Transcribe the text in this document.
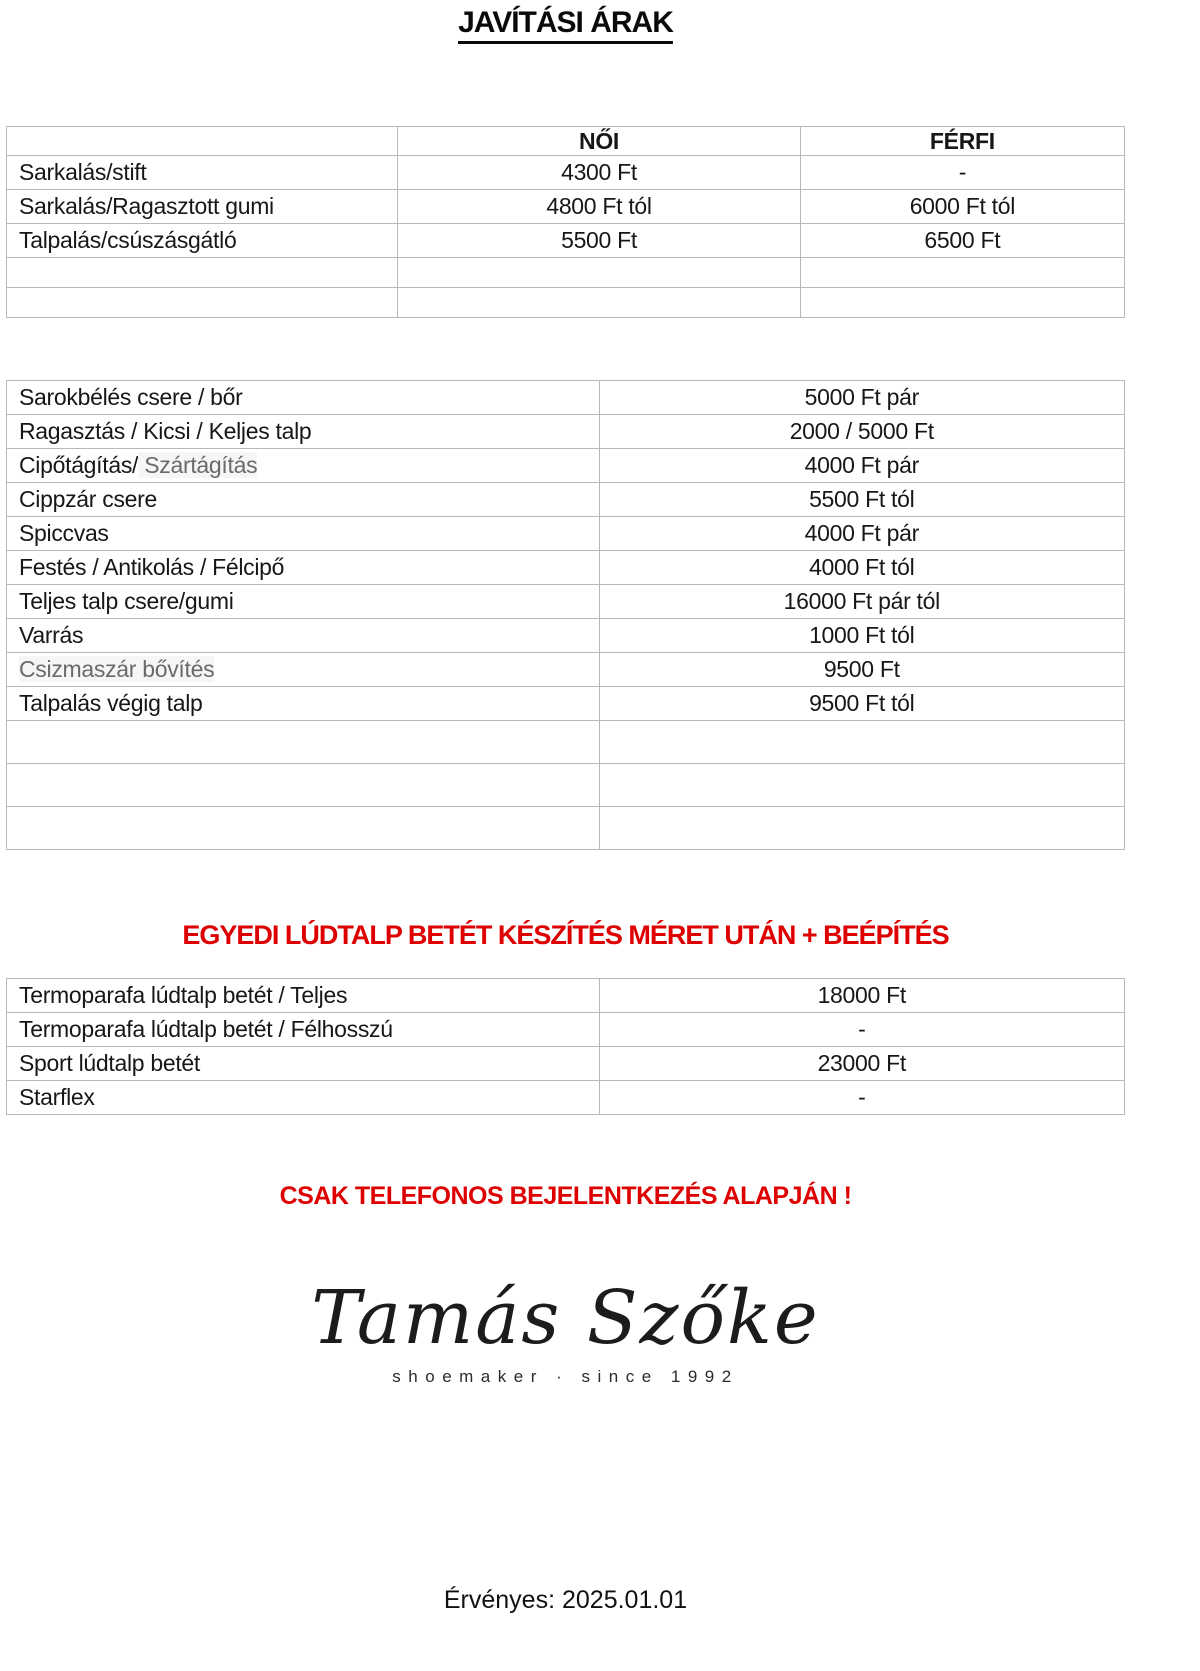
JAVÍTÁSI ÁRAK
	NŐI	FÉRFI
Sarkalás/stift	4300 Ft	-
Sarkalás/Ragasztott gumi	4800 Ft tól	6000 Ft tól
Talpalás/csúszásgátló	5500 Ft	6500 Ft

Sarokbélés csere / bőr	5000 Ft pár
Ragasztás / Kicsi / Keljes talp	2000 / 5000 Ft
Cipőtágítás/ Szártágítás	4000 Ft pár
Cippzár csere	5500 Ft tól
Spiccvas	4000 Ft pár
Festés / Antikolás / Félcipő	4000 Ft tól
Teljes talp csere/gumi	16000 Ft pár tól
Varrás	1000 Ft tól
Csizmaszár bővítés	9500 Ft
Talpalás végig talp	9500 Ft tól

EGYEDI LÚDTALP BETÉT KÉSZÍTÉS MÉRET UTÁN + BEÉPÍTÉS
Termoparafa lúdtalp betét / Teljes	18000 Ft
Termoparafa lúdtalp betét / Félhosszú	-
Sport lúdtalp betét	23000 Ft
Starflex	-
CSAK TELEFONOS BEJELENTKEZÉS ALAPJÁN !
Tamás Szőke
shoemaker · since 1992
Érvényes: 2025.01.01
